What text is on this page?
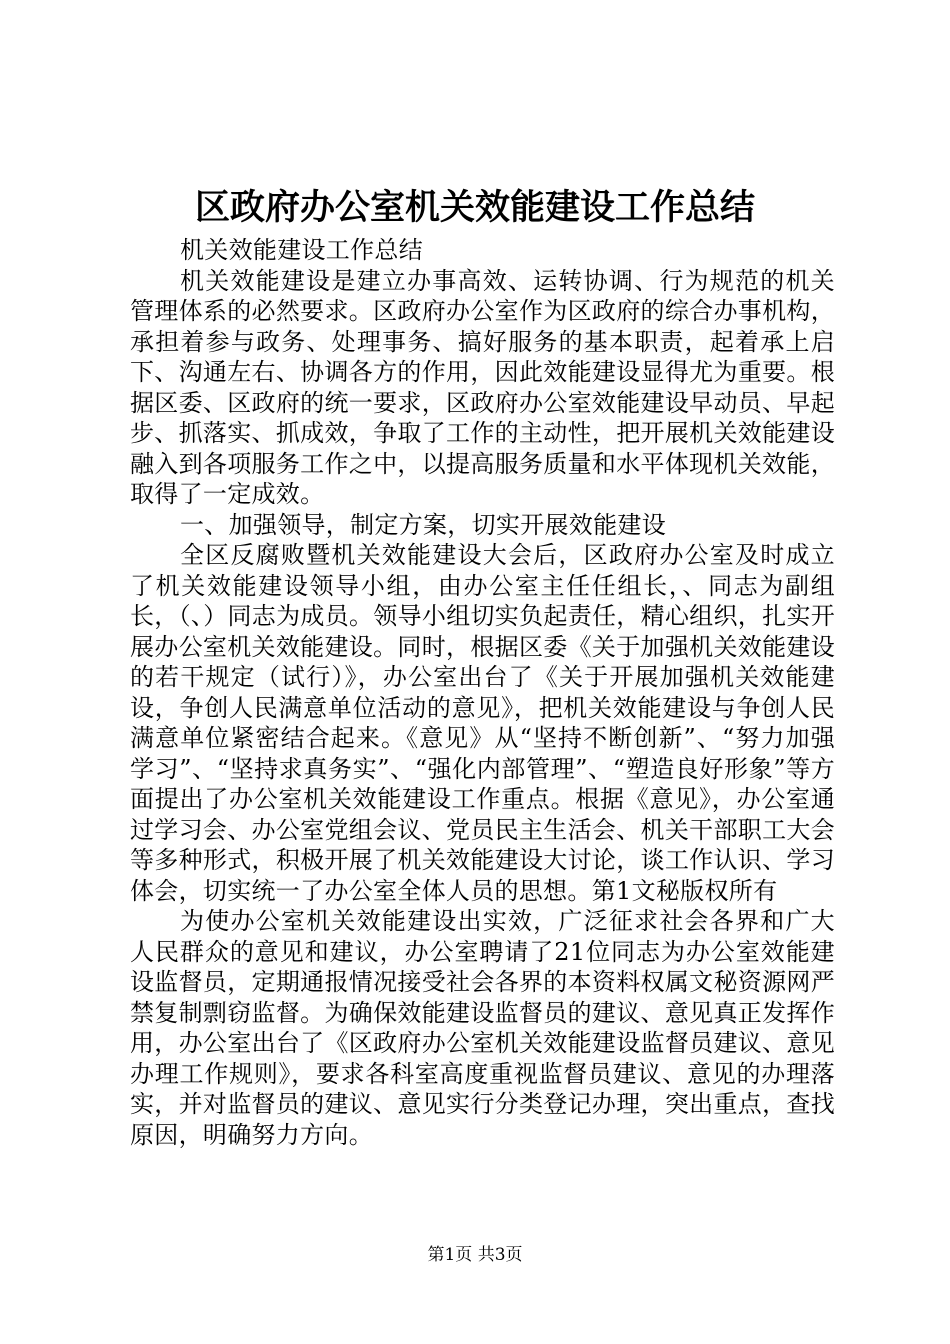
区政府办公室机关效能建设工作总结

机关效能建设工作总结

机关效能建设是建立办事高效、运转协调、行为规范的机关管理体系的必然要求。区政府办公室作为区政府的综合办事机构，承担着参与政务、处理事务、搞好服务的基本职责，起着承上启下、沟通左右、协调各方的作用，因此效能建设显得尤为重要。根据区委、区政府的统一要求，区政府办公室效能建设早动员、早起步、抓落实、抓成效，争取了工作的主动性，把开展机关效能建设融入到各项服务工作之中，以提高服务质量和水平体现机关效能，取得了一定成效。

一、加强领导，制定方案，切实开展效能建设

全区反腐败暨机关效能建设大会后，区政府办公室及时成立了机关效能建设领导小组，由办公室主任任组长，、同志为副组长，（、）同志为成员。领导小组切实负起责任，精心组织，扎实开展办公室机关效能建设。同时，根据区委《关于加强机关效能建设的若干规定（试行）》，办公室出台了《关于开展加强机关效能建设，争创人民满意单位活动的意见》，把机关效能建设与争创人民满意单位紧密结合起来。《意见》从“坚持不断创新”、“努力加强学习”、“坚持求真务实”、“强化内部管理”、“塑造良好形象”等方面提出了办公室机关效能建设工作重点。根据《意见》，办公室通过学习会、办公室党组会议、党员民主生活会、机关干部职工大会等多种形式，积极开展了机关效能建设大讨论，谈工作认识、学习体会，切实统一了办公室全体人员的思想。第1文秘版权所有

为使办公室机关效能建设出实效，广泛征求社会各界和广大人民群众的意见和建议，办公室聘请了21位同志为办公室效能建设监督员，定期通报情况接受社会各界的本资料权属文秘资源网严禁复制剽窃监督。为确保效能建设监督员的建议、意见真正发挥作用，办公室出台了《区政府办公室机关效能建设监督员建议、意见办理工作规则》，要求各科室高度重视监督员建议、意见的办理落实，并对监督员的建议、意见实行分类登记办理，突出重点，查找原因，明确努力方向。

第1页 共3页
